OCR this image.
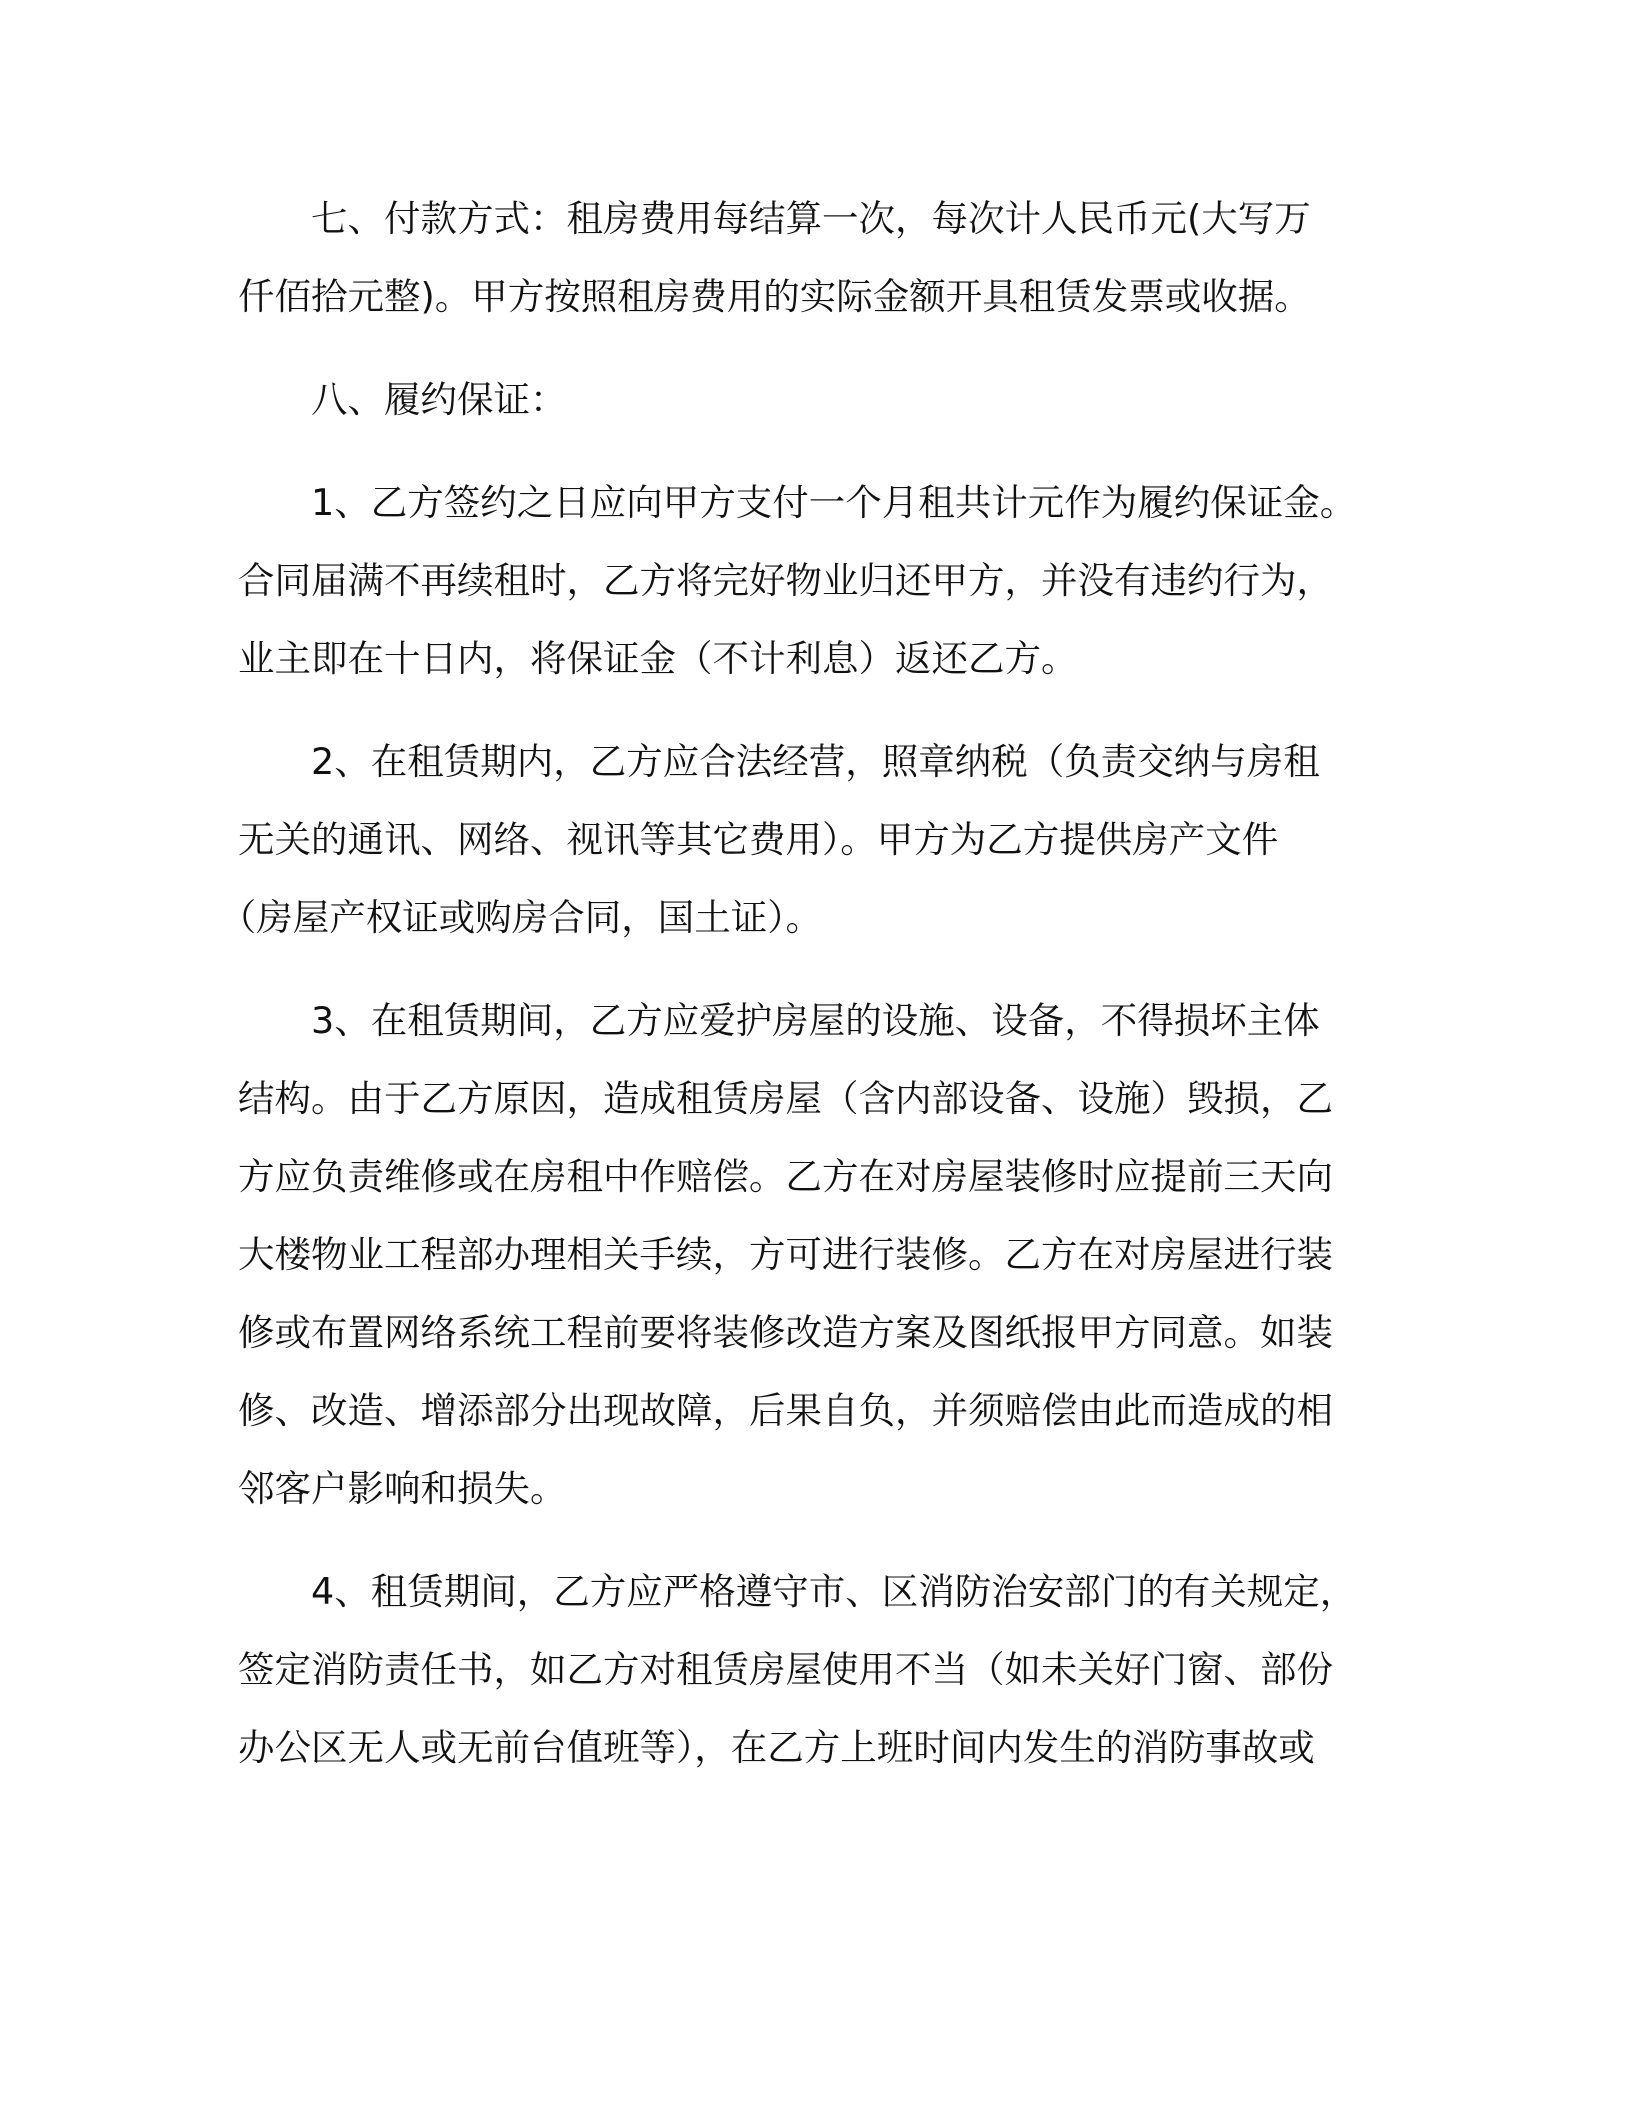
七、付款方式：租房费用每结算一次，每次计人民币元(大写万
仟佰拾元整)。甲方按照租房费用的实际金额开具租赁发票或收据。

八、履约保证：

1、乙方签约之日应向甲方支付一个月租共计元作为履约保证金。
合同届满不再续租时，乙方将完好物业归还甲方，并没有违约行为，
业主即在十日内，将保证金（不计利息）返还乙方。

2、在租赁期内，乙方应合法经营，照章纳税（负责交纳与房租
无关的通讯、网络、视讯等其它费用）。甲方为乙方提供房产文件
（房屋产权证或购房合同，国土证）。

3、在租赁期间，乙方应爱护房屋的设施、设备，不得损坏主体
结构。由于乙方原因，造成租赁房屋（含内部设备、设施）毁损，乙
方应负责维修或在房租中作赔偿。乙方在对房屋装修时应提前三天向
大楼物业工程部办理相关手续，方可进行装修。乙方在对房屋进行装
修或布置网络系统工程前要将装修改造方案及图纸报甲方同意。如装
修、改造、增添部分出现故障，后果自负，并须赔偿由此而造成的相
邻客户影响和损失。

4、租赁期间，乙方应严格遵守市、区消防治安部门的有关规定，
签定消防责任书，如乙方对租赁房屋使用不当（如未关好门窗、部份
办公区无人或无前台值班等），在乙方上班时间内发生的消防事故或
